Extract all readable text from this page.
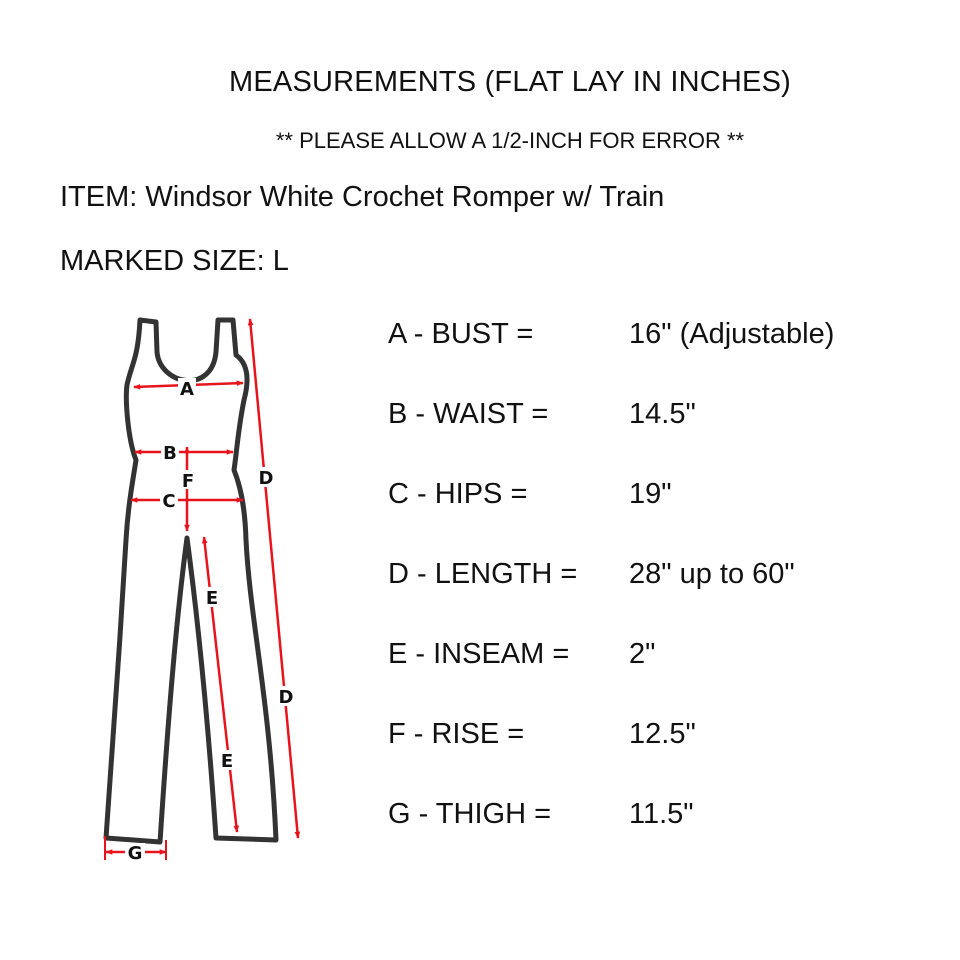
MEASUREMENTS (FLAT LAY IN INCHES)
** PLEASE ALLOW A 1/2-INCH FOR ERROR **
ITEM: Windsor White Crochet Romper w/ Train
MARKED SIZE: L
A - BUST =	16" (Adjustable)
B - WAIST =	14.5"
C - HIPS =	19"
D - LENGTH = 28" up to 60"
E - INSEAM = 2"
F - RISE =	12.5"
G - THIGH =	11.5"
A
B
F
C
D
D
E
E
G
